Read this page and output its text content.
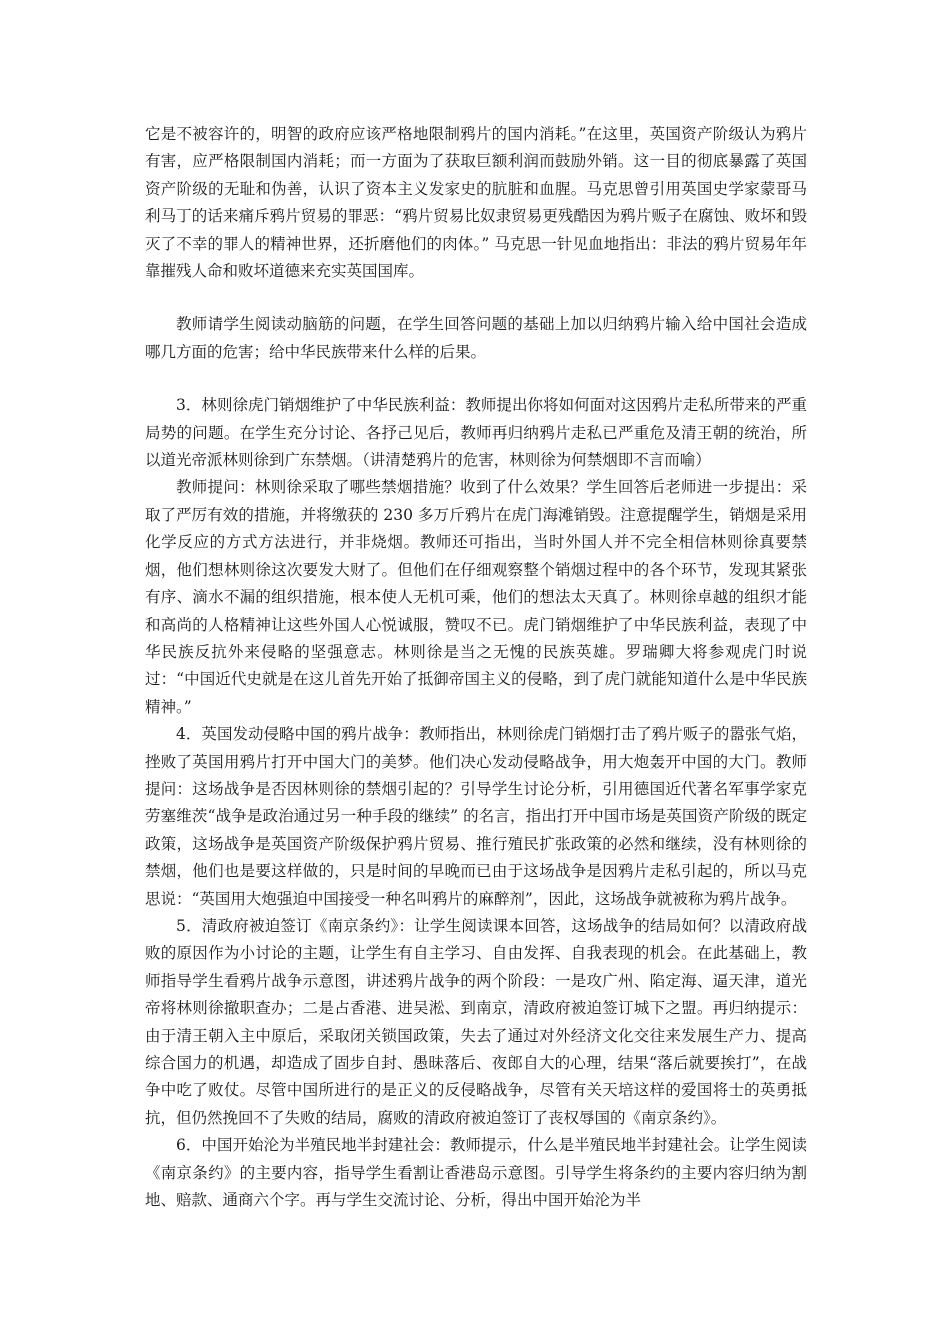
它是不被容许的，明智的政府应该严格地限制鸦片的国内消耗。”在这里，英国资产阶级认为鸦片有害，应严格限制国内消耗；而一方面为了获取巨额利润而鼓励外销。这一目的彻底暴露了英国资产阶级的无耻和伪善，认识了资本主义发家史的肮脏和血腥。马克思曾引用英国史学家蒙哥马利马丁的话来痛斥鸦片贸易的罪恶：“鸦片贸易比奴隶贸易更残酷因为鸦片贩子在腐蚀、败坏和毁灭了不幸的罪人的精神世界，还折磨他们的肉体。” 马克思一针见血地指出：非法的鸦片贸易年年靠摧残人命和败坏道德来充实英国国库。

教师请学生阅读动脑筋的问题，在学生回答问题的基础上加以归纳鸦片输入给中国社会造成哪几方面的危害；给中华民族带来什么样的后果。

3．林则徐虎门销烟维护了中华民族利益：教师提出你将如何面对这因鸦片走私所带来的严重局势的问题。在学生充分讨论、各抒己见后，教师再归纳鸦片走私已严重危及清王朝的统治，所以道光帝派林则徐到广东禁烟。（讲清楚鸦片的危害，林则徐为何禁烟即不言而喻）

教师提问：林则徐采取了哪些禁烟措施？收到了什么效果？学生回答后老师进一步提出：采取了严厉有效的措施，并将缴获的 230 多万斤鸦片在虎门海滩销毁。注意提醒学生，销烟是采用化学反应的方式方法进行，并非烧烟。教师还可指出，当时外国人并不完全相信林则徐真要禁烟，他们想林则徐这次要发大财了。但他们在仔细观察整个销烟过程中的各个环节，发现其紧张有序、滴水不漏的组织措施，根本使人无机可乘，他们的想法太天真了。林则徐卓越的组织才能和高尚的人格精神让这些外国人心悦诚服，赞叹不已。虎门销烟维护了中华民族利益，表现了中华民族反抗外来侵略的坚强意志。林则徐是当之无愧的民族英雄。罗瑞卿大将参观虎门时说过：“中国近代史就是在这儿首先开始了抵御帝国主义的侵略，到了虎门就能知道什么是中华民族精神。”

4．英国发动侵略中国的鸦片战争：教师指出，林则徐虎门销烟打击了鸦片贩子的嚣张气焰，挫败了英国用鸦片打开中国大门的美梦。他们决心发动侵略战争，用大炮轰开中国的大门。教师提问：这场战争是否因林则徐的禁烟引起的？引导学生讨论分析，引用德国近代著名军事学家克劳塞维茨“战争是政治通过另一种手段的继续” 的名言，指出打开中国市场是英国资产阶级的既定政策，这场战争是英国资产阶级保护鸦片贸易、推行殖民扩张政策的必然和继续，没有林则徐的禁烟，他们也是要这样做的，只是时间的早晚而已由于这场战争是因鸦片走私引起的，所以马克思说：“英国用大炮强迫中国接受一种名叫鸦片的麻醉剂”，因此，这场战争就被称为鸦片战争。

5．清政府被迫签订《南京条约》：让学生阅读课本回答，这场战争的结局如何？以清政府战败的原因作为小讨论的主题，让学生有自主学习、自由发挥、自我表现的机会。在此基础上，教师指导学生看鸦片战争示意图，讲述鸦片战争的两个阶段：一是攻广州、陷定海、逼天津，道光帝将林则徐撤职查办；二是占香港、进吴淞、到南京，清政府被迫签订城下之盟。再归纳提示：由于清王朝入主中原后，采取闭关锁国政策，失去了通过对外经济文化交往来发展生产力、提高综合国力的机遇，却造成了固步自封、愚昧落后、夜郎自大的心理，结果“落后就要挨打”，在战争中吃了败仗。尽管中国所进行的是正义的反侵略战争，尽管有关天培这样的爱国将士的英勇抵抗，但仍然挽回不了失败的结局，腐败的清政府被迫签订了丧权辱国的《南京条约》。

6．中国开始沦为半殖民地半封建社会：教师提示，什么是半殖民地半封建社会。让学生阅读《南京条约》的主要内容，指导学生看割让香港岛示意图。引导学生将条约的主要内容归纳为割地、赔款、通商六个字。再与学生交流讨论、分析，得出中国开始沦为半
